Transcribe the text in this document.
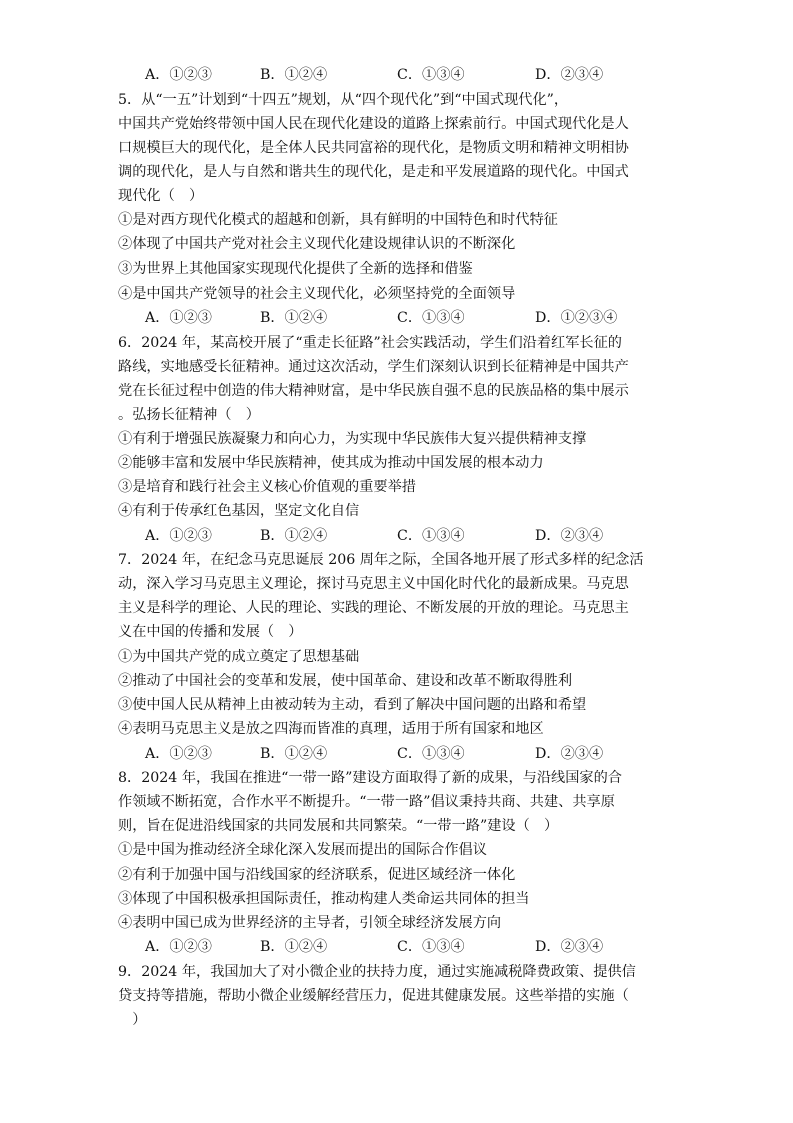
A．①②③	B．①②④	C．①③④	D．②③④
5．从“一五”计划到“十四五”规划，从“四个现代化”到“中国式现代化”，
中国共产党始终带领中国人民在现代化建设的道路上探索前行。中国式现代化是人
口规模巨大的现代化，是全体人民共同富裕的现代化，是物质文明和精神文明相协
调的现代化，是人与自然和谐共生的现代化，是走和平发展道路的现代化。中国式
现代化（　）
①是对西方现代化模式的超越和创新，具有鲜明的中国特色和时代特征
②体现了中国共产党对社会主义现代化建设规律认识的不断深化
③为世界上其他国家实现现代化提供了全新的选择和借鉴
④是中国共产党领导的社会主义现代化，必须坚持党的全面领导
A．①②③	B．①②④	C．①③④	D．①②③④
6．2024 年，某高校开展了“重走长征路”社会实践活动，学生们沿着红军长征的
路线，实地感受长征精神。通过这次活动，学生们深刻认识到长征精神是中国共产
党在长征过程中创造的伟大精神财富，是中华民族自强不息的民族品格的集中展示
。弘扬长征精神（　）
①有利于增强民族凝聚力和向心力，为实现中华民族伟大复兴提供精神支撑
②能够丰富和发展中华民族精神，使其成为推动中国发展的根本动力
③是培育和践行社会主义核心价值观的重要举措
④有利于传承红色基因，坚定文化自信
A．①②③	B．①②④	C．①③④	D．②③④
7．2024 年，在纪念马克思诞辰 206 周年之际，全国各地开展了形式多样的纪念活
动，深入学习马克思主义理论，探讨马克思主义中国化时代化的最新成果。马克思
主义是科学的理论、人民的理论、实践的理论、不断发展的开放的理论。马克思主
义在中国的传播和发展（　）
①为中国共产党的成立奠定了思想基础
②推动了中国社会的变革和发展，使中国革命、建设和改革不断取得胜利
③使中国人民从精神上由被动转为主动，看到了解决中国问题的出路和希望
④表明马克思主义是放之四海而皆准的真理，适用于所有国家和地区
A．①②③	B．①②④	C．①③④	D．②③④
8．2024 年，我国在推进“一带一路”建设方面取得了新的成果，与沿线国家的合
作领域不断拓宽，合作水平不断提升。“一带一路”倡议秉持共商、共建、共享原
则，旨在促进沿线国家的共同发展和共同繁荣。“一带一路”建设（　）
①是中国为推动经济全球化深入发展而提出的国际合作倡议
②有利于加强中国与沿线国家的经济联系，促进区域经济一体化
③体现了中国积极承担国际责任，推动构建人类命运共同体的担当
④表明中国已成为世界经济的主导者，引领全球经济发展方向
A．①②③	B．①②④	C．①③④	D．②③④
9．2024 年，我国加大了对小微企业的扶持力度，通过实施减税降费政策、提供信
贷支持等措施，帮助小微企业缓解经营压力，促进其健康发展。这些举措的实施（
　）
